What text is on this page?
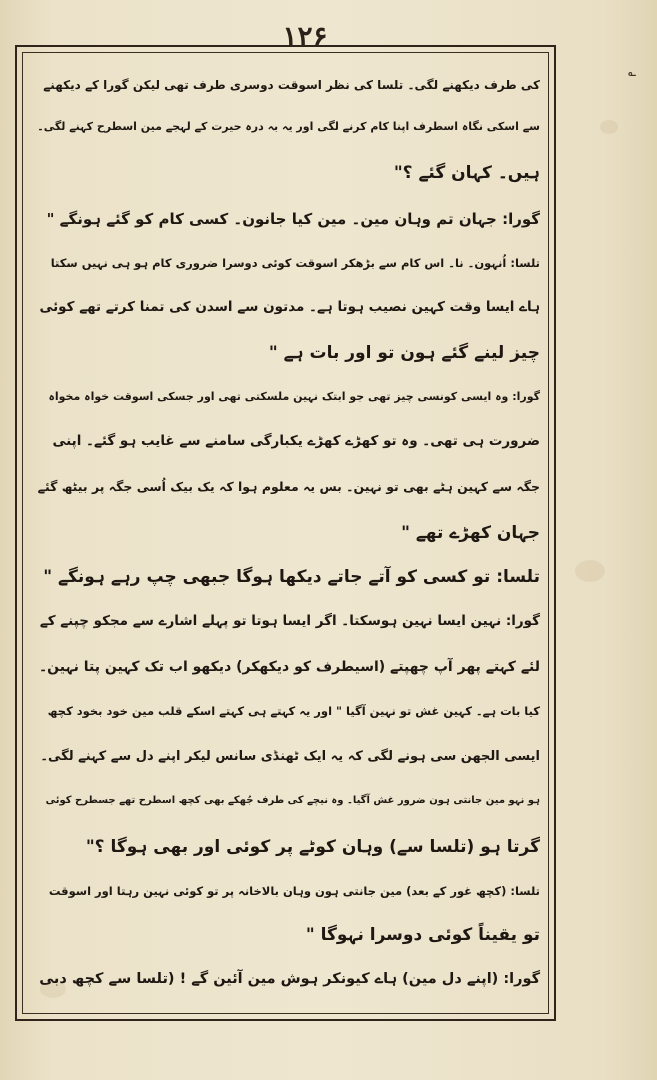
۱۲۶
کی طرف دیکھنے لگی۔ تلسا کی نظر اسوقت دوسری طرف تھی لیکن گورا کے دیکھنے
سے اسکی نگاہ اسطرف اپنا کام کرنے لگی اور یہ بہ درہ حیرت کے لہجے مین اسطرح کہنے لگی۔
ہیں۔ کہان گئے ؟"
گورا: جہان تم وہان مین۔ مین کیا جانون۔ کسی کام کو گئے ہونگے "
تلسا: اُنہون۔ نا۔ اس کام سے بڑھکر اسوقت کوئی دوسرا ضروری کام ہو ہی نہیں سکتا
ہاے ایسا وقت کہین نصیب ہوتا ہے۔ مدتون سے اسدن کی تمنا کرتے تھے کوئی
چیز لینے گئے ہون تو اور بات ہے "
گورا: وہ ایسی کونسی چیز تھی جو ابتک نہین ملسکتی تھی اور جسکی اسوقت خواہ مخواہ
ضرورت ہی تھی۔ وہ تو کھڑے کھڑے یکبارگی سامنے سے غایب ہو گئے۔ اپنی
جگہ سے کہین ہٹے بھی تو نہین۔ بس یہ معلوم ہوا کہ یک بیک اُسی جگہ پر بیٹھ گئے
جہان کھڑے تھے "
تلسا: تو کسی کو آتے جاتے دیکھا ہوگا جبھی چپ رہے ہونگے "
گورا: نہین ایسا نہین ہوسکتا۔ اگر ایسا ہوتا تو پہلے اشارے سے مجکو چپنے کے
لئے کہتے پھر آپ چھپتے (اسیطرف کو دیکھکر) دیکھو اب تک کہین پتا نہین۔
کیا بات ہے۔ کہین غش تو نہین آگیا " اور یہ کہتے ہی کہتے اسکے قلب مین خود بخود کچھ
ایسی الجھن سی ہونے لگی کہ یہ ایک ٹھنڈی سانس لیکر اپنے دل سے کہنے لگی۔
ہو نہو مین جانتی ہون ضرور غش آگیا۔ وہ نیچے کی طرف جُھکے بھی کچھ اسطرح تھے جسطرح کوئی
گرتا ہو (تلسا سے) وہان کوٹے پر کوئی اور بھی ہوگا ؟"
تلسا: (کچھ غور کے بعد) مین جانتی ہون وہان بالاخانہ پر تو کوئی نہین رہتا اور اسوقت
تو یقیناً کوئی دوسرا نہوگا "
گورا: (اپنے دل مین) ہاے کیونکر ہوش مین آئین گے ! (تلسا سے کچھ دبی
؎
